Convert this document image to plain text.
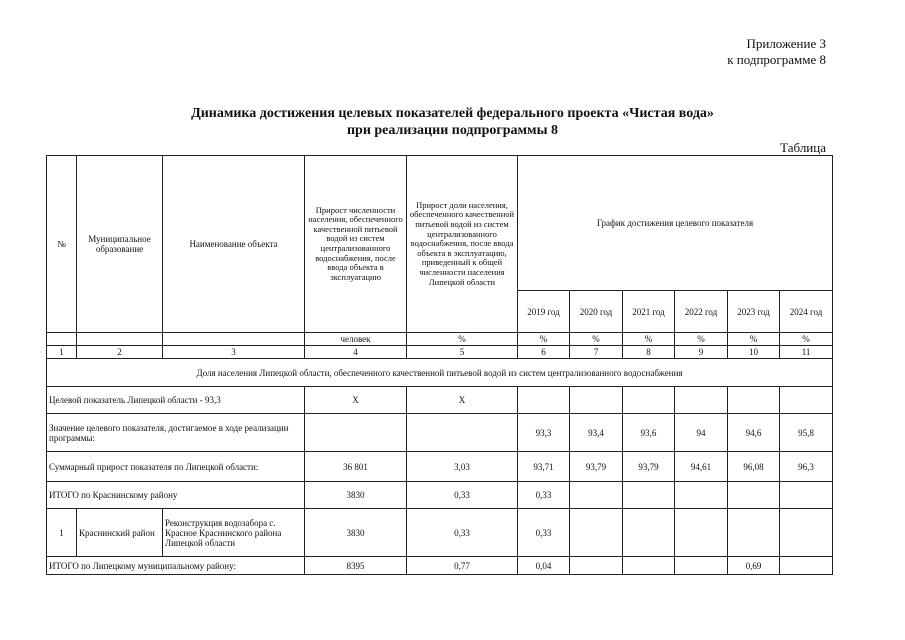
Приложение 3
к подпрограмме 8
Динамика достижения целевых показателей федерального проекта «Чистая вода»
при реализации подпрограммы 8
Таблица
№	Муниципальное образование	Наименование объекта	Прирост численности населения, обеспеченного качественной питьевой водой из систем централизованного водоснабжения, после ввода объекта в эксплуатацию	Прирост доли населения, обеспеченного качественной питьевой водой из систем централизованного водоснабжения, после ввода объекта в эксплуатацию, приведенный к общей численности населения Липецкой области	График достижения целевого показателя					
					2019 год	2020 год	2021 год	2022 год	2023 год	2024 год
			человек	%	%	%	%	%	%	%
1	2	3	4	5	6	7	8	9	10	11
Доля населения Липецкой области, обеспеченного качественной питьевой водой из систем централизованного водоснабжения										
Целевой показатель Липецкой области - 93,3			Х	Х						
Значение целевого показателя, достигаемое в ходе реализации программы:					93,3	93,4	93,6	94	94,6	95,8
Суммарный прирост показателя по Липецкой области:			36 801	3,03	93,71	93,79	93,79	94,61	96,08	96,3
ИТОГО по Краснинскому району			3830	0,33	0,33					
1	Краснинский район	Реконструкция водозабора с. Красное Краснинского района Липецкой области	3830	0,33	0,33					
ИТОГО по Липецкому муниципальному району:			8395	0,77	0,04				0,69	
